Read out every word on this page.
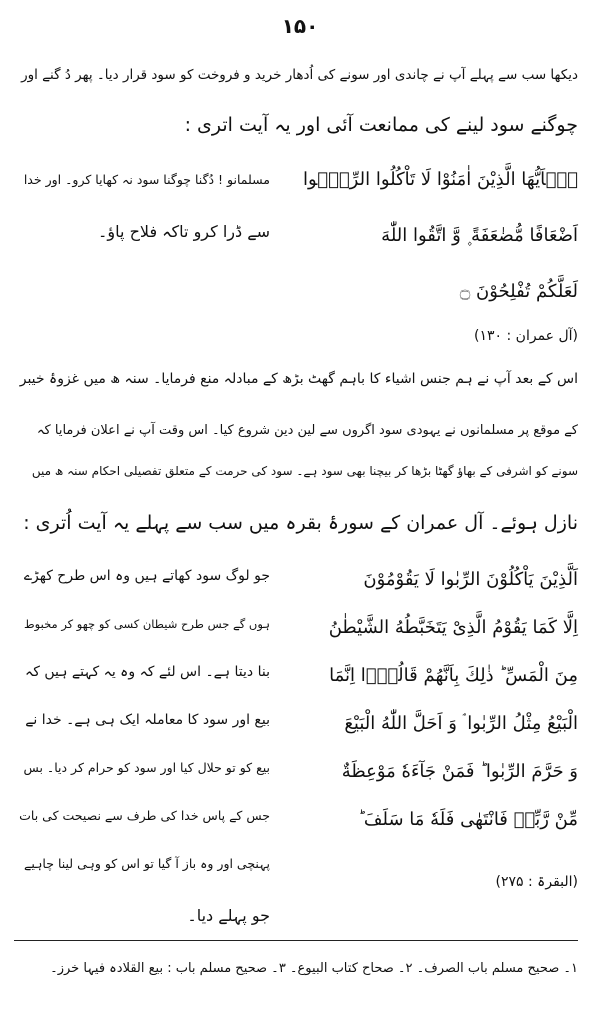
۱۵۰
دیکھا سب سے پہلے آپ نے چاندی اور سونے کی اُدھار خرید و فروخت کو سود قرار دیا۔ پھر دُ گنے اور
چوگنے سود لینے کی ممانعت آئی اور یہ آیت اتری :
یٰۤاَیُّهَا الَّذِیْنَ اٰمَنُوْا لَا تَاْكُلُوا الرِّبٰۤوا
اَضْعَافًا مُّضٰعَفَةً ۪ وَّ اتَّقُوا اللّٰهَ
لَعَلَّكُمْ تُفْلِحُوْنَ ۝
مسلمانو ! دُگنا چوگنا سود نہ کھایا کرو۔ اور خدا
سے ڈرا کرو تاکہ فلاح پاؤ۔
(آل عمران : ۱۳۰)
اس کے بعد آپ نے ہم جنس اشیاء کا باہم گھٹ بڑھ کے مبادلہ منع فرمایا۔ سنہ ھ میں غزوۂ خیبر
کے موقع پر مسلمانوں نے یہودی سود اگروں سے لین دین شروع کیا۔ اس وقت آپ نے اعلان فرمایا کہ
سونے کو اشرفی کے بھاؤ گھٹا بڑھا کر بیچنا بھی سود ہے۔ سود کی حرمت کے متعلق تفصیلی احکام سنہ ھ میں
نازل ہوئے۔ آل عمران کے سورۂ بقرہ میں سب سے پہلے یہ آیت اُتری :
اَلَّذِیْنَ یَاْكُلُوْنَ الرِّبٰوا لَا یَقُوْمُوْنَ
اِلَّا كَمَا یَقُوْمُ الَّذِیْ یَتَخَبَّطُهُ الشَّیْطٰنُ
مِنَ الْمَسِّ ؕ ذٰلِكَ بِاَنَّهُمْ قَالُوْۤا اِنَّمَا
الْبَیْعُ مِثْلُ الرِّبٰوا ۘ وَ اَحَلَّ اللّٰهُ الْبَیْعَ
وَ حَرَّمَ الرِّبٰوا ؕ فَمَنْ جَآءَهٗ مَوْعِظَةٌ
مِّنْ رَّبِّهٖ فَانْتَهٰى فَلَهٗ مَا سَلَفَ ؕ
(البقرۃ : ۲۷۵)
جو لوگ سود کھاتے ہیں وہ اس طرح کھڑے
ہوں گے جس طرح شیطان کسی کو چھو کر مخبوط
بنا دیتا ہے۔ اس لئے کہ وہ یہ کہتے ہیں کہ
بیع اور سود کا معاملہ ایک ہی ہے۔ خدا نے
بیع کو تو حلال کیا اور سود کو حرام کر دیا۔ بس
جس کے پاس خدا کی طرف سے نصیحت کی بات
پہنچی اور وہ باز آ گیا تو اس کو وہی لینا چاہیے
جو پہلے دیا۔
۱۔ صحیح مسلم باب الصرف۔ ۲۔ صحاح کتاب البیوع۔ ۳۔ صحیح مسلم باب : بیع القلادہ فیہا خرز۔
